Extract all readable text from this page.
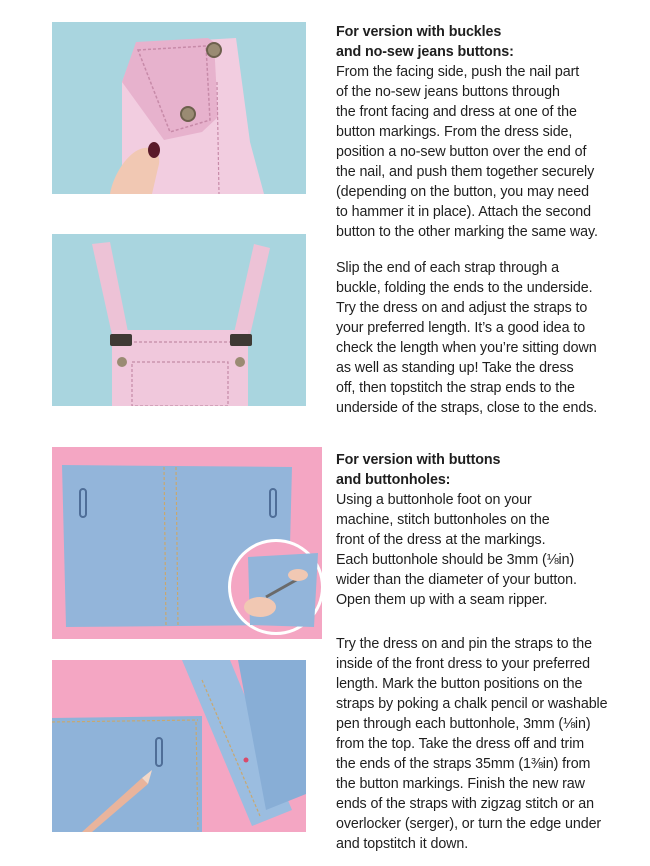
For version with buckles
and no-sew jeans buttons:
From the facing side, push the nail part
of the no-sew jeans buttons through
the front facing and dress at one of the
button markings. From the dress side,
position a no-sew button over the end of
the nail, and push them together securely
(depending on the button, you may need
to hammer it in place). Attach the second
button to the other marking the same way.
Slip the end of each strap through a
buckle, folding the ends to the underside.
Try the dress on and adjust the straps to
your preferred length. It’s a good idea to
check the length when you’re sitting down
as well as standing up! Take the dress
off, then topstitch the strap ends to the
underside of the straps, close to the ends.
For version with buttons
and buttonholes:
Using a buttonhole foot on your
machine, stitch buttonholes on the
front of the dress at the markings.
Each buttonhole should be 3mm (⅛in)
wider than the diameter of your button.
Open them up with a seam ripper.
Try the dress on and pin the straps to the
inside of the front dress to your preferred
length. Mark the button positions on the
straps by poking a chalk pencil or washable
pen through each buttonhole, 3mm (⅛in)
from the top. Take the dress off and trim
the ends of the straps 35mm (1⅜in) from
the button markings. Finish the new raw
ends of the straps with zigzag stitch or an
overlocker (serger), or turn the edge under
and topstitch it down.
